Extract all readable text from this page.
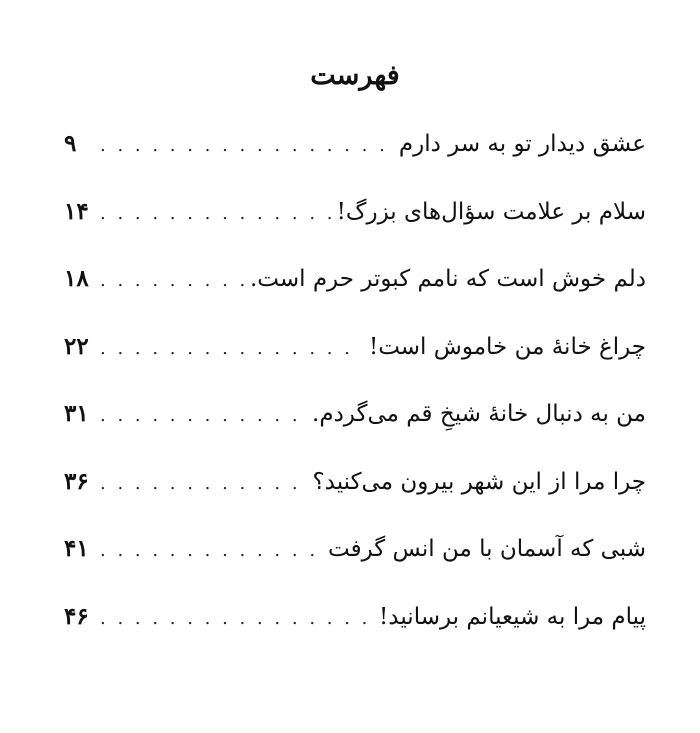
فهرست
عشق دیدار تو به سر دارم
. . .
۹
سلام بر علامت سؤال‌های بزرگ!
. . .
۱۴
دلم خوش است که نامم کبوتر حرم است.
. . .
۱۸
چراغ خانۀ من خاموش است!
. . .
۲۲
من به دنبال خانۀ شیخِ قم می‌گردم.
. . .
۳۱
چرا مرا از این شهر بیرون می‌کنید؟
. . .
۳۶
شبی که آسمان با من انس گرفت
. . .
۴۱
پیام مرا به شیعیانم برسانید!
. . .
۴۶
